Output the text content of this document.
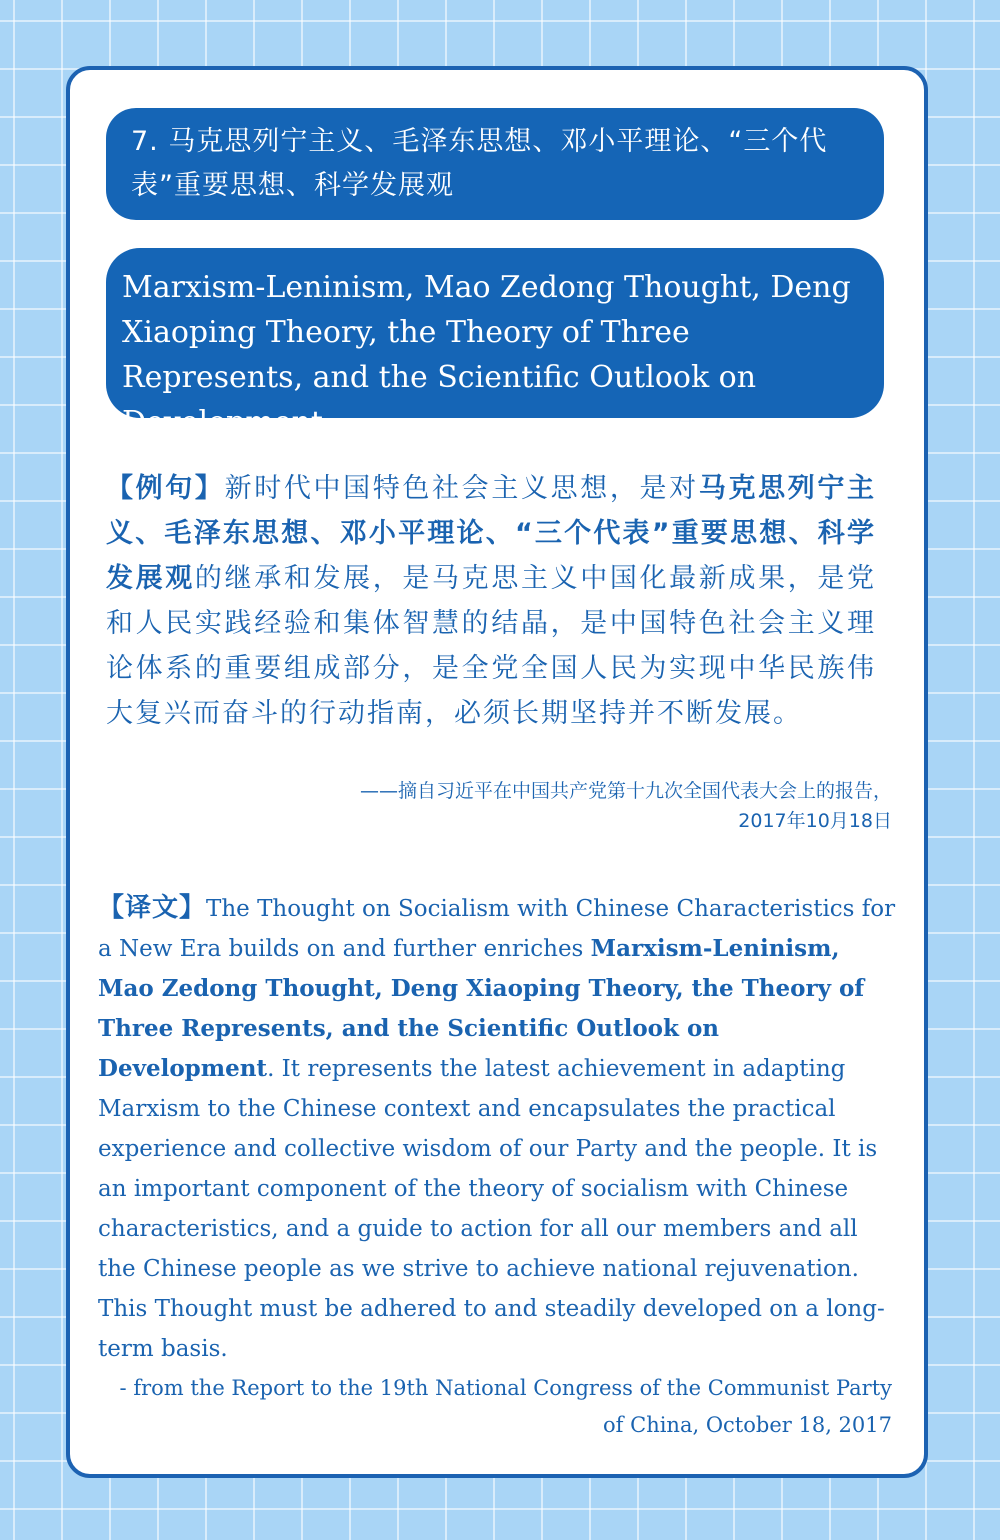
7. 马克思列宁主义、毛泽东思想、邓小平理论、“三个代表”重要思想、科学发展观
Marxism-Leninism, Mao Zedong Thought, Deng Xiaoping Theory, the Theory of Three Represents, and the Scientific Outlook on Development
【例句】新时代中国特色社会主义思想，是对马克思列宁主义、毛泽东思想、邓小平理论、“三个代表”重要思想、科学发展观的继承和发展，是马克思主义中国化最新成果，是党和人民实践经验和集体智慧的结晶，是中国特色社会主义理论体系的重要组成部分，是全党全国人民为实现中华民族伟大复兴而奋斗的行动指南，必须长期坚持并不断发展。
——摘自习近平在中国共产党第十九次全国代表大会上的报告，
2017年10月18日
【译文】The Thought on Socialism with Chinese Characteristics for a New Era builds on and further enriches Marxism-Leninism, Mao Zedong Thought, Deng Xiaoping Theory, the Theory of Three Represents, and the Scientific Outlook on Development. It represents the latest achievement in adapting Marxism to the Chinese context and encapsulates the practical experience and collective wisdom of our Party and the people. It is an important component of the theory of socialism with Chinese characteristics, and a guide to action for all our members and all the Chinese people as we strive to achieve national rejuvenation. This Thought must be adhered to and steadily developed on a long-term basis.
- from the Report to the 19th National Congress of the Communist Party
of China, October 18, 2017
